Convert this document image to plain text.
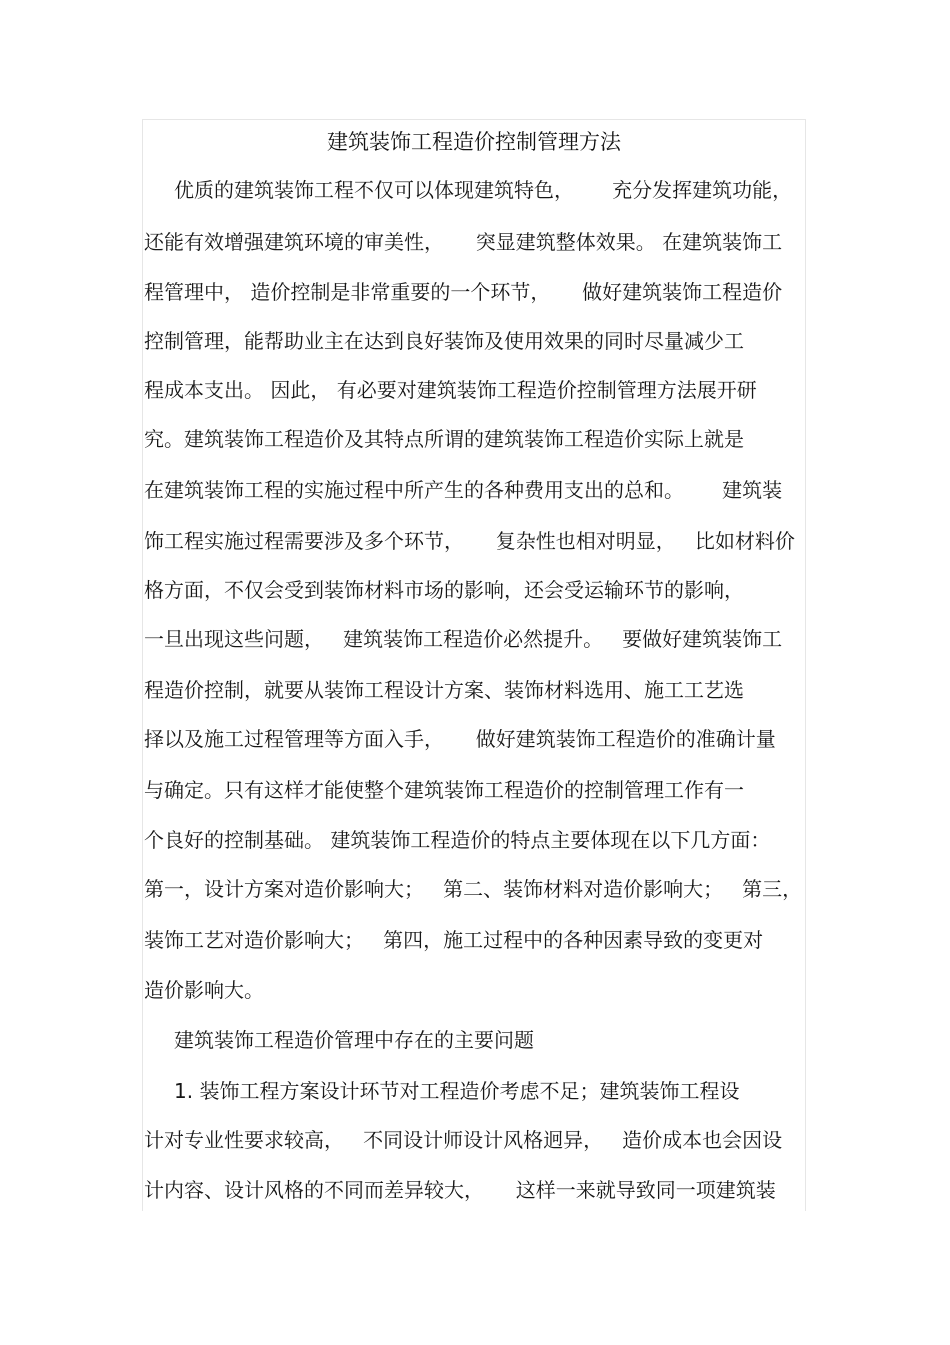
建筑装饰工程造价控制管理方法
优质的建筑装饰工程不仅可以体现建筑特色，      充分发挥建筑功能，
还能有效增强建筑环境的审美性，     突显建筑整体效果。 在建筑装饰工
程管理中， 造价控制是非常重要的一个环节，     做好建筑装饰工程造价
控制管理，能帮助业主在达到良好装饰及使用效果的同时尽量减少工
程成本支出。 因此， 有必要对建筑装饰工程造价控制管理方法展开研
究。建筑装饰工程造价及其特点所谓的建筑装饰工程造价实际上就是
在建筑装饰工程的实施过程中所产生的各种费用支出的总和。      建筑装
饰工程实施过程需要涉及多个环节，     复杂性也相对明显，   比如材料价
格方面，不仅会受到装饰材料市场的影响，还会受运输环节的影响，
一旦出现这些问题，   建筑装饰工程造价必然提升。   要做好建筑装饰工
程造价控制，就要从装饰工程设计方案、装饰材料选用、施工工艺选
择以及施工过程管理等方面入手，     做好建筑装饰工程造价的准确计量
与确定。只有这样才能使整个建筑装饰工程造价的控制管理工作有一
个良好的控制基础。 建筑装饰工程造价的特点主要体现在以下几方面：
第一，设计方案对造价影响大；   第二、装饰材料对造价影响大；   第三，
装饰工艺对造价影响大；   第四，施工过程中的各种因素导致的变更对
造价影响大。
建筑装饰工程造价管理中存在的主要问题
1. 装饰工程方案设计环节对工程造价考虑不足；建筑装饰工程设
计对专业性要求较高，   不同设计师设计风格迥异，   造价成本也会因设
计内容、设计风格的不同而差异较大，     这样一来就导致同一项建筑装
